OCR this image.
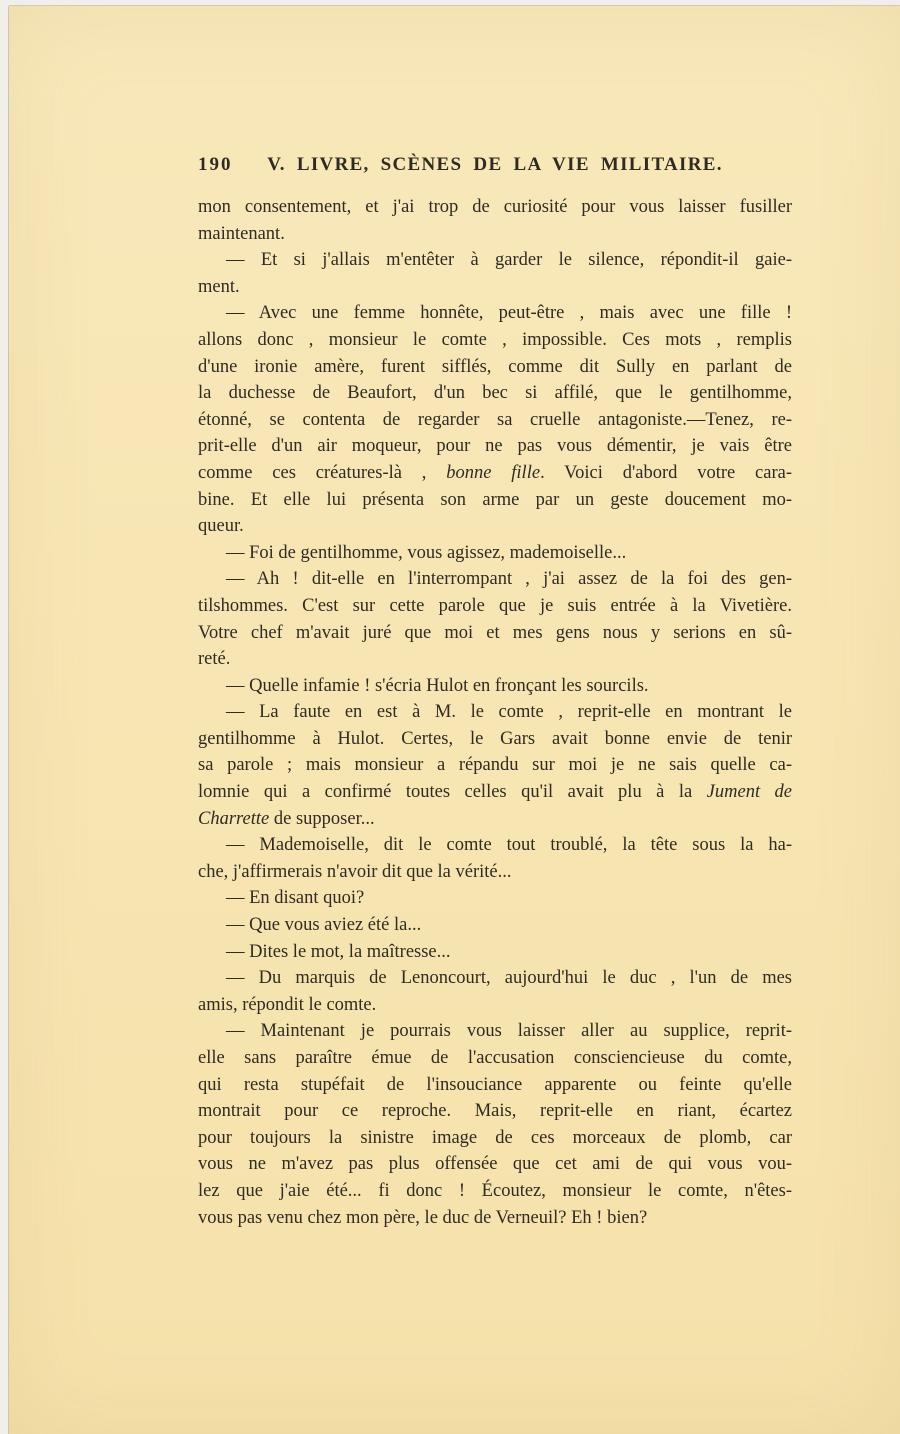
190	V. LIVRE, SCÈNES DE LA VIE MILITAIRE.
mon consentement, et j'ai trop de curiosité pour vous laisser fusiller
maintenant.
— Et si j'allais m'entêter à garder le silence, répondit-il gaie-
ment.
— Avec une femme honnête, peut-être , mais avec une fille !
allons donc , monsieur le comte , impossible. Ces mots , remplis
d'une ironie amère, furent sifflés, comme dit Sully en parlant de
la duchesse de Beaufort, d'un bec si affilé, que le gentilhomme,
étonné, se contenta de regarder sa cruelle antagoniste.—Tenez, re-
prit-elle d'un air moqueur, pour ne pas vous démentir, je vais être
comme ces créatures-là , bonne fille. Voici d'abord votre cara-
bine. Et elle lui présenta son arme par un geste doucement mo-
queur.
— Foi de gentilhomme, vous agissez, mademoiselle...
— Ah ! dit-elle en l'interrompant , j'ai assez de la foi des gen-
tilshommes. C'est sur cette parole que je suis entrée à la Vivetière.
Votre chef m'avait juré que moi et mes gens nous y serions en sû-
reté.
— Quelle infamie ! s'écria Hulot en fronçant les sourcils.
— La faute en est à M. le comte , reprit-elle en montrant le
gentilhomme à Hulot. Certes, le Gars avait bonne envie de tenir
sa parole ; mais monsieur a répandu sur moi je ne sais quelle ca-
lomnie qui a confirmé toutes celles qu'il avait plu à la Jument de
Charrette de supposer...
— Mademoiselle, dit le comte tout troublé, la tête sous la ha-
che, j'affirmerais n'avoir dit que la vérité...
— En disant quoi?
— Que vous aviez été la...
— Dites le mot, la maîtresse...
— Du marquis de Lenoncourt, aujourd'hui le duc , l'un de mes
amis, répondit le comte.
— Maintenant je pourrais vous laisser aller au supplice, reprit-
elle sans paraître émue de l'accusation consciencieuse du comte,
qui resta stupéfait de l'insouciance apparente ou feinte qu'elle
montrait pour ce reproche. Mais, reprit-elle en riant, écartez
pour toujours la sinistre image de ces morceaux de plomb, car
vous ne m'avez pas plus offensée que cet ami de qui vous vou-
lez que j'aie été... fi donc ! Écoutez, monsieur le comte, n'êtes-
vous pas venu chez mon père, le duc de Verneuil? Eh ! bien?
